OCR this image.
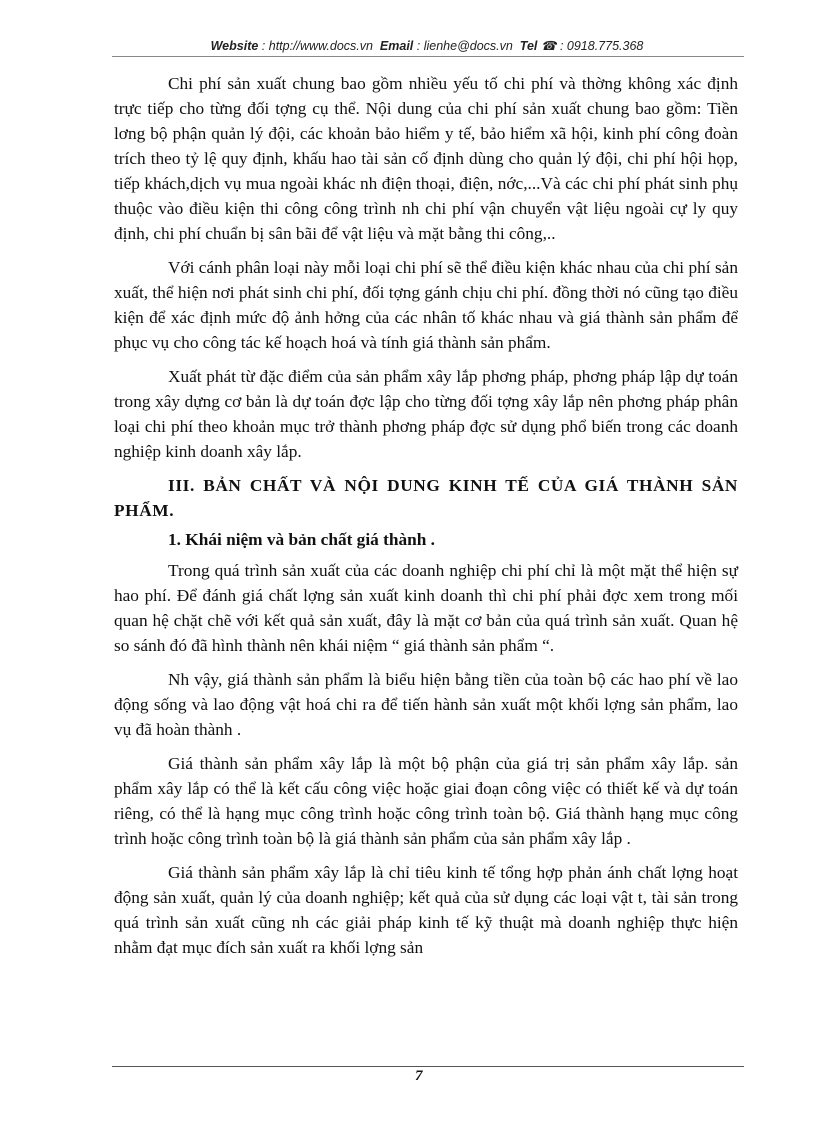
Website : http://www.docs.vn Email : lienhe@docs.vn Tel ☎ : 0918.775.368

Chi phí sản xuất chung bao gồm nhiều yếu tố chi phí và thờng không xác định trực tiếp cho từng đối tợng cụ thể. Nội dung của chi phí sản xuất chung bao gồm: Tiền lơng bộ phận quản lý đội, các khoản bảo hiểm y tế, bảo hiểm xã hội, kinh phí công đoàn trích theo tỷ lệ quy định, khấu hao tài sản cố định dùng cho quản lý đội, chi phí hội họp, tiếp khách,dịch vụ mua ngoài khác nh điện thoại, điện, nớc,...Và các chi phí phát sinh phụ thuộc vào điều kiện thi công công trình nh chi phí vận chuyển vật liệu ngoài cự ly quy định, chi phí chuẩn bị sân bãi để vật liệu và mặt bằng thi công,..

Với cánh phân loại này mỗi loại chi phí sẽ thể điều kiện khác nhau của chi phí sản xuất, thể hiện nơi phát sinh chi phí, đối tợng gánh chịu chi phí. đồng thời nó cũng tạo điều kiện để xác định mức độ ảnh hởng của các nhân tố khác nhau và giá thành sản phẩm để phục vụ cho công tác kế hoạch hoá và tính giá thành sản phẩm.

Xuất phát từ đặc điểm của sản phẩm xây lắp phơng pháp, phơng pháp lập dự toán trong xây dựng cơ bản là dự toán đợc lập cho từng đối tợng xây lắp nên phơng pháp phân loại chi phí theo khoản mục trở thành phơng pháp đợc sử dụng phổ biến trong các doanh nghiệp kinh doanh xây lắp.

III. BẢN CHẤT VÀ NỘI DUNG KINH TẾ CỦA GIÁ THÀNH SẢN PHẨM.

1. Khái niệm và bản chất giá thành .

Trong quá trình sản xuất của các doanh nghiệp chi phí chỉ là một mặt thể hiện sự hao phí. Để đánh giá chất lợng sản xuất kinh doanh thì chi phí phải đợc xem trong mối quan hệ chặt chẽ với kết quả sản xuất, đây là mặt cơ bản của quá trình sản xuất. Quan hệ so sánh đó đã hình thành nên khái niệm “ giá thành sản phẩm “.

Nh vậy, giá thành sản phẩm là biểu hiện bằng tiền của toàn bộ các hao phí về lao động sống và lao động vật hoá chi ra để tiến hành sản xuất một khối lợng sản phẩm, lao vụ đã hoàn thành .

Giá thành sản phẩm xây lắp là một bộ phận của giá trị sản phẩm xây lắp. sản phẩm xây lắp có thể là kết cấu công việc hoặc giai đoạn công việc có thiết kế và dự toán riêng, có thể là hạng mục công trình hoặc công trình toàn bộ. Giá thành hạng mục công trình hoặc công trình toàn bộ là giá thành sản phẩm của sản phẩm xây lắp .

Giá thành sản phẩm xây lắp là chỉ tiêu kinh tế tổng hợp phản ánh chất lợng hoạt động sản xuất, quản lý của doanh nghiệp; kết quả của sử dụng các loại vật t, tài sản trong quá trình sản xuất cũng nh các giải pháp kinh tế kỹ thuật mà doanh nghiệp thực hiện nhằm đạt mục đích sản xuất ra khối lợng sản

7
